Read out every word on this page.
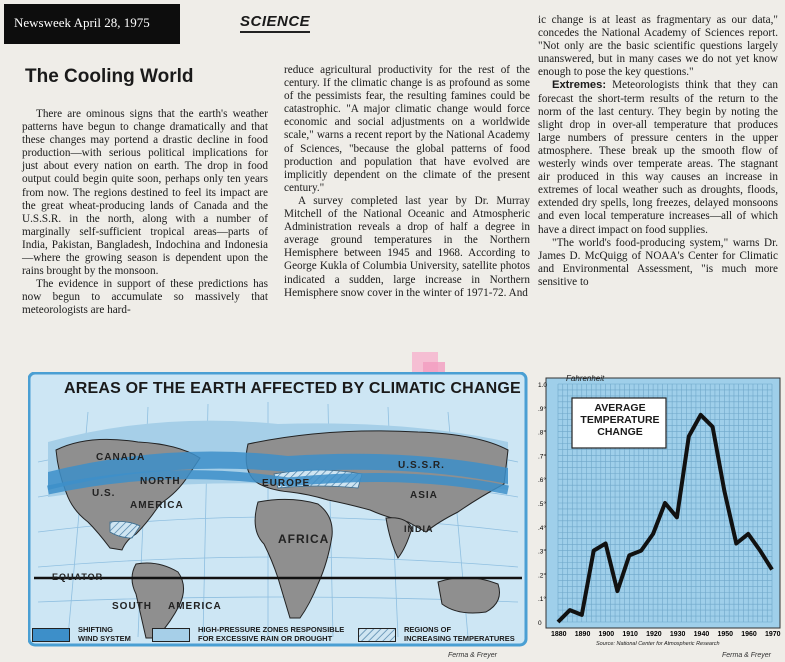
Newsweek April 28, 1975	SCIENCE
The Cooling World

There are ominous signs that the earth's weather patterns have begun to change dramatically and that these changes may portend a drastic decline in food production—with serious political implications for just about every nation on earth. The drop in food output could begin quite soon, perhaps only ten years from now. The regions destined to feel its impact are the great wheat-producing lands of Canada and the U.S.S.R. in the north, along with a number of marginally self-sufficient tropical areas—parts of India, Pakistan, Bangladesh, Indochina and Indonesia—where the growing season is dependent upon the rains brought by the monsoon.

The evidence in support of these predictions has now begun to accumulate so massively that meteorologists are hard-

reduce agricultural productivity for the rest of the century. If the climatic change is as profound as some of the pessimists fear, the resulting famines could be catastrophic. "A major climatic change would force economic and social adjustments on a worldwide scale," warns a recent report by the National Academy of Sciences, "because the global patterns of food production and population that have evolved are implicitly dependent on the climate of the present century."

A survey completed last year by Dr. Murray Mitchell of the National Oceanic and Atmospheric Administration reveals a drop of half a degree in average ground temperatures in the Northern Hemisphere between 1945 and 1968. According to George Kukla of Columbia University, satellite photos indicated a sudden, large increase in Northern Hemisphere snow cover in the winter of 1971-72. And

ic change is at least as fragmentary as our data," concedes the National Academy of Sciences report. "Not only are the basic scientific questions largely unanswered, but in many cases we do not yet know enough to pose the key questions."

Extremes: Meteorologists think that they can forecast the short-term results of the return to the norm of the last century. They begin by noting the slight drop in over-all temperature that produces large numbers of pressure centers in the upper atmosphere. These break up the smooth flow of westerly winds over temperate areas. The stagnant air produced in this way causes an increase in extremes of local weather such as droughts, floods, extended dry spells, long freezes, delayed monsoons and even local temperature increases—all of which have a direct impact on food supplies.

"The world's food-producing system," warns Dr. James D. McQuigg of NOAA's Center for Climatic and Environmental Assessment, "is much more sensitive to

AREAS OF THE EARTH AFFECTED BY CLIMATIC CHANGE
CANADA
U.S.
NORTH
AMERICA
EUROPE
U.S.S.R.
ASIA
AFRICA
INDIA
EQUATOR
SOUTH AMERICA
SHIFTING
WIND SYSTEM
HIGH-PRESSURE ZONES RESPONSIBLE
FOR EXCESSIVE RAIN OR DROUGHT
REGIONS OF
INCREASING TEMPERATURES
Ferma & Freyer
0
.1°
.2°
.3°
.4°
.5°
.6°
.7°
.8°
.9°
1.0
1880 1890 1900 1910 1920 1930 1940 1950 1960 1970
Fahrenheit
AVERAGE TEMPERATURE CHANGE
Source: National Center for Atmospheric Research
Ferma & Freyer
